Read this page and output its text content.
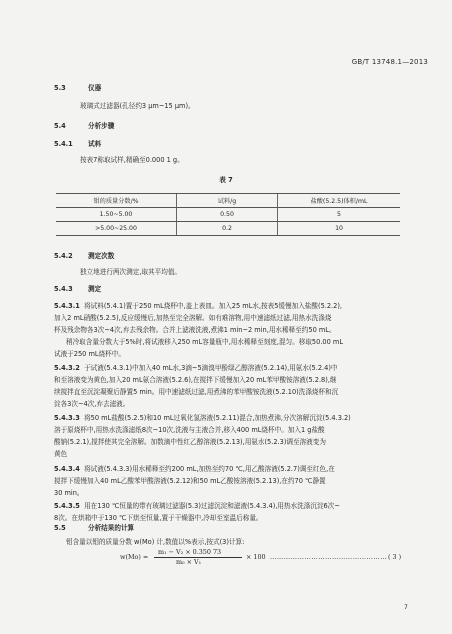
GB/T 13748.1—2013
5.3	仪器
玻璃式过滤器(孔径约3 μm~15 μm)。
5.4	分析步骤
5.4.1 试料
按表7称取试样,精确至0.000 1 g。
表 7
钼的质量分数/%	试料/g	盐酸(5.2.5)体积/mL
1.50~5.00	0.50	5
>5.00~25.00	0.2	10
5.4.2 测定次数
独立地进行两次测定,取其平均值。
5.4.3 测定
5.4.3.1 将试料(5.4.1)置于250 mL烧杯中,盖上表皿。加入25 mL水,按表5缓慢加入盐酸(5.2.2),
加入2 mL硝酸(5.2.5),反应缓慢后,加热至完全溶解。如有难溶物,用中速滤纸过滤,用热水洗涤烧
杯及残余物各3次~4次,弃去残余物。合并上滤液洗液,煮沸1 min~2 min,用水稀释至约50 mL。
稍冷取含量分数大于5%时,将试液移入250 mL容量瓶中,用水稀释至刻度,混匀。移取50.00 mL
试液于250 mL烧杯中。
5.4.3.2 于试液(5.4.3.1)中加入40 mL水,3滴~5滴溴甲酚绿乙醇溶液(5.2.14),用氨水(5.2.4)中
和至溶液变为黄色,加入20 mL氨合溶液(5.2.6),在搅拌下缓慢加入20 mL苯甲酸铵溶液(5.2.8),继
续搅拌直至沉淀凝聚后静置5 min。用中速滤纸过滤,用煮沸的苯甲酸铵洗液(5.2.10)洗涤烧杯和沉
淀各3次~4次,弃去滤液。
5.4.3.3 将50 mL盐酸(5.2.5)和10 mL过氧化氢溶液(5.2.11)混合,加热煮沸,分次溶解沉淀(5.4.3.2)
溶于原烧杯中,用热水洗涤滤纸8次~10次,洗液与主液合并,移入400 mL烧杯中。加入1 g盐酸
酸钠(5.2.1),搅拌使其完全溶解。加数滴中性红乙醇溶液(5.2.13),用氨水(5.2.3)调至溶液变为
黄色
5.4.3.4 将试液(5.4.3.3)用水稀释至约200 mL,加热至约70 ℃,用乙酸溶液(5.2.7)调至红色,在
搅拌下缓慢加入40 mL乙酸苯甲酸溶液(5.2.12)和50 mL乙酸铵溶液(5.2.13),在约70 ℃静置
30 min。
5.4.3.5 用在130 ℃恒量的带有玻璃过滤器(5.3)过滤沉淀和滤液(5.4.3.4),用热水洗涤沉淀6次~
8次。在烘箱中于130 ℃下烘至恒量,置于干燥器中,冷却至室温后称量。
5.5	分析结果的计算
钼含量以钼的质量分数 w(Mo) 计,数值以%表示,按式(3)计算:
w(Mo) =
m₁ − V₂ × 0.350 73
m₀ × V₁
× 100 …………………………………………… ( 3 )
7
